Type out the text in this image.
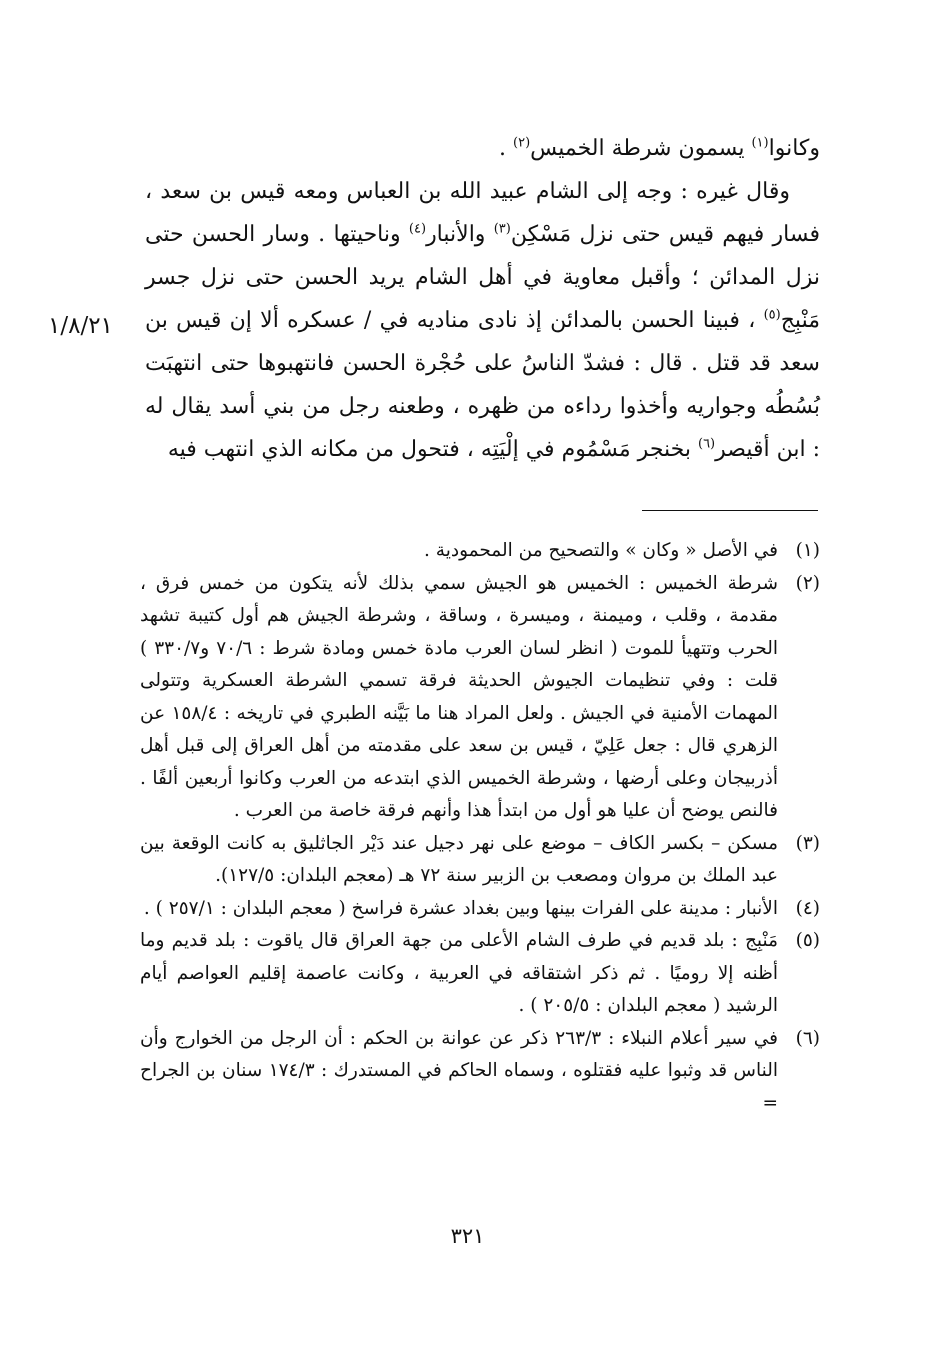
١/٨/٢١

وكانوا$^{(١)}$ يسمون شرطة الخميس$^{(٢)}$ .

وقال غيره : وجه إلى الشام عبيد الله بن العباس ومعه قيس بن سعد ، فسار فيهم قيس حتى نزل مَسْكِن$^{(٣)}$ والأنبار$^{(٤)}$ وناحيتها . وسار الحسن حتى نزل المدائن ؛ وأقبل معاوية في أهل الشام يريد الحسن حتى نزل جسر مَنْبِج$^{(٥)}$ ، فبينا الحسن بالمدائن إذ نادى مناديه في / عسكره ألا إن قيس بن سعد قد قتل . قال : فشدّ الناسُ على حُجْرة الحسن فانتهبوها حتى انتهبَت بُسُطُه وجواريه وأخذوا رداءه من ظهره ، وطعنه رجل من بني أسد يقال له : ابن أقيصر$^{(٦)}$ بخنجر مَسْمُوم في إلْيَتِه ، فتحول من مكانه الذي انتهب فيه

(١)
في الأصل « وكان » والتصحيح من المحمودية .
(٢)
شرطة الخميس : الخميس هو الجيش سمي بذلك لأنه يتكون من خمس فرق ، مقدمة ، وقلب ، وميمنة ، وميسرة ، وساقة ، وشرطة الجيش هم أول كتيبة تشهد الحرب وتتهيأ للموت ( انظر لسان العرب مادة خمس ومادة شرط : ٧٠/٦ و٣٣٠/٧ ) قلت : وفي تنظيمات الجيوش الحديثة فرقة تسمي الشرطة العسكرية وتتولى المهمات الأمنية في الجيش . ولعل المراد هنا ما بَيَّنه الطبري في تاريخه : ١٥٨/٤ عن الزهري قال : جعل عَلِيّ ، قيس بن سعد على مقدمته من أهل العراق إلى قبل أهل أذربيجان وعلى أرضها ، وشرطة الخميس الذي ابتدعه من العرب وكانوا أربعين ألفًا . فالنص يوضح أن عليا هو أول من ابتدأ هذا وأنهم فرقة خاصة من العرب .
(٣)
مسكن – بكسر الكاف – موضع على نهر دجيل عند دَيْر الجاثليق به كانت الوقعة بين عبد الملك بن مروان ومصعب بن الزبير سنة ٧٢ هـ (معجم البلدان: ١٢٧/٥).
(٤)
الأنبار : مدينة على الفرات بينها وبين بغداد عشرة فراسخ ( معجم البلدان : ٢٥٧/١ ) .
(٥)
مَنْبِج : بلد قديم في طرف الشام الأعلى من جهة العراق قال ياقوت : بلد قديم وما أظنه إلا روميًا . ثم ذكر اشتقاقه في العربية ، وكانت عاصمة إقليم العواصم أيام الرشيد ( معجم البلدان : ٢٠٥/٥ ) .
(٦)
في سير أعلام النبلاء : ٢٦٣/٣ ذكر عن عوانة بن الحكم : أن الرجل من الخوارج وأن الناس قد وثبوا عليه فقتلوه ، وسماه الحاكم في المستدرك : ١٧٤/٣ سنان بن الجراح =
٣٢١
